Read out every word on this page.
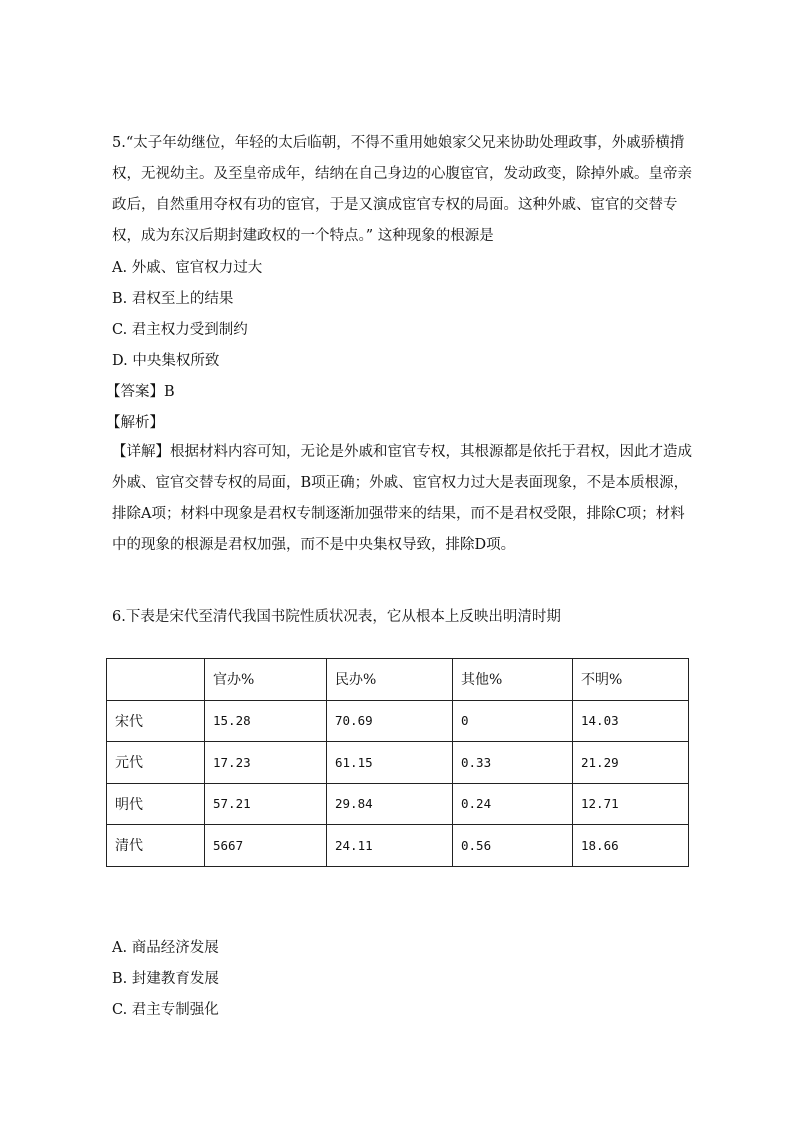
5.“太子年幼继位，年轻的太后临朝，不得不重用她娘家父兄来协助处理政事，外戚骄横揹权，无视幼主。及至皇帝成年，结纳在自己身边的心腹宦官，发动政变，除掉外戚。皇帝亲政后，自然重用夺权有功的宦官，于是又演成宦官专权的局面。这种外戚、宦官的交替专权，成为东汉后期封建政权的一个特点。” 这种现象的根源是

A. 外戚、宦官权力过大
B. 君权至上的结果
C. 君主权力受到制约
D. 中央集权所致
【答案】B
【解析】

【详解】根据材料内容可知，无论是外戚和宦官专权，其根源都是依托于君权，因此才造成外戚、宦官交替专权的局面，B项正确；外戚、宦官权力过大是表面现象，不是本质根源，排除A项；材料中现象是君权专制逐渐加强带来的结果，而不是君权受限，排除C项；材料中的现象的根源是君权加强，而不是中央集权导致，排除D项。

6.下表是宋代至清代我国书院性质状况表，它从根本上反映出明清时期

	官办%	民办%	其他%	不明%
宋代	15.28	70.69	0	14.03
元代	17.23	61.15	0.33	21.29
明代	57.21	29.84	0.24	12.71
清代	5667	24.11	0.56	18.66
A. 商品经济发展
B. 封建教育发展
C. 君主专制强化
